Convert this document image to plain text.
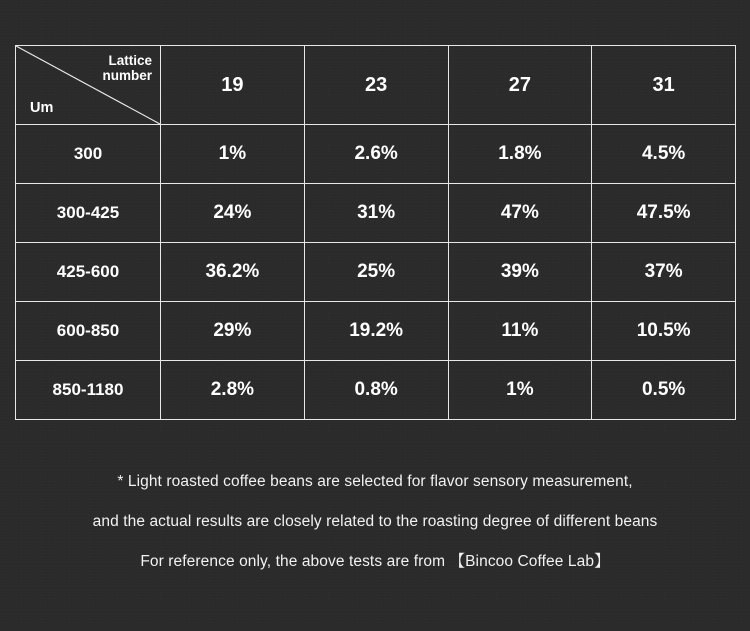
Lattice number
Um	19	23	27	31
300	1%	2.6%	1.8%	4.5%
300-425	24%	31%	47%	47.5%
425-600	36.2%	25%	39%	37%
600-850	29%	19.2%	11%	10.5%
850-1180	2.8%	0.8%	1%	0.5%
* Light roasted coffee beans are selected for flavor sensory measurement,
and the actual results are closely related to the roasting degree of different beans
For reference only, the above tests are from 【Bincoo Coffee Lab】
